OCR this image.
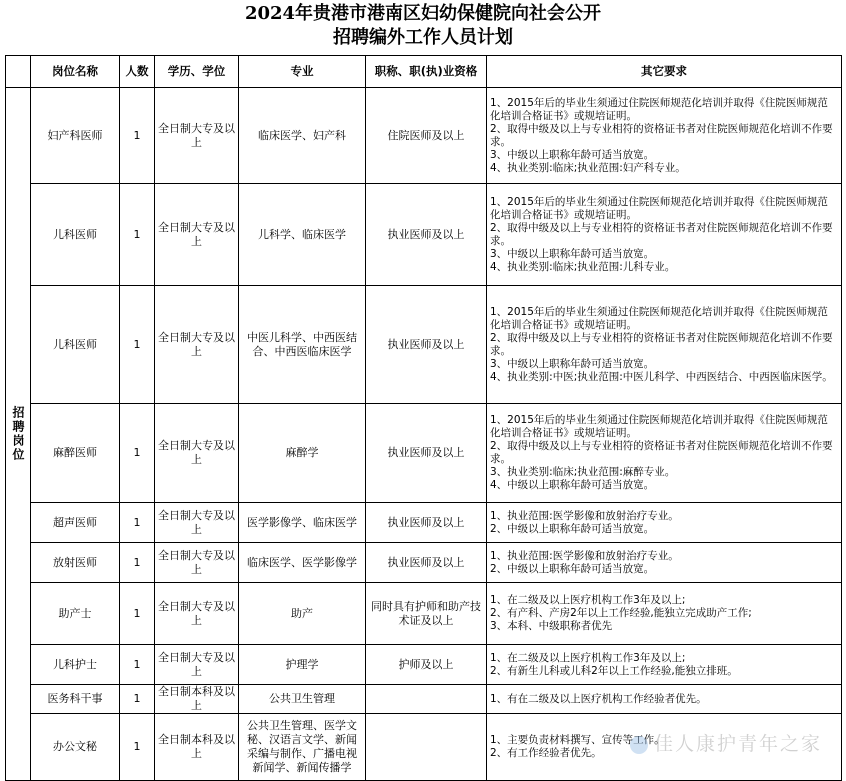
2024年贵港市港南区妇幼保健院向社会公开
招聘编外工作人员计划
	岗位名称	人数	学历、学位	专业	职称、职(执)业资格	其它要求

招聘岗位	妇产科医师	1	全日制大专及以上	临床医学、妇产科	住院医师及以上	1、2015年后的毕业生须通过住院医师规范化培训并取得《住院医师规范化培训合格证书》或规培证明。
2、取得中级及以上与专业相符的资格证书者对住院医师规范化培训不作要求。
3、中级以上职称年龄可适当放宽。
4、执业类别:临床;执业范围:妇产科专业。

	儿科医师	1	全日制大专及以上	儿科学、临床医学	执业医师及以上	1、2015年后的毕业生须通过住院医师规范化培训并取得《住院医师规范化培训合格证书》或规培证明。
2、取得中级及以上与专业相符的资格证书者对住院医师规范化培训不作要求。
3、中级以上职称年龄可适当放宽。
4、执业类别:临床;执业范围:儿科专业。

	儿科医师	1	全日制大专及以上	中医儿科学、中西医结合、中西医临床医学	执业医师及以上	1、2015年后的毕业生须通过住院医师规范化培训并取得《住院医师规范化培训合格证书》或规培证明。
2、取得中级及以上与专业相符的资格证书者对住院医师规范化培训不作要求。
3、中级以上职称年龄可适当放宽。
4、执业类别:中医;执业范围:中医儿科学、中西医结合、中西医临床医学。

	麻醉医师	1	全日制大专及以上	麻醉学	执业医师及以上	1、2015年后的毕业生须通过住院医师规范化培训并取得《住院医师规范化培训合格证书》或规培证明。
2、取得中级及以上与专业相符的资格证书者对住院医师规范化培训不作要求。
3、执业类别:临床;执业范围:麻醉专业。
4、中级以上职称年龄可适当放宽。

	超声医师	1	全日制大专及以上	医学影像学、临床医学	执业医师及以上	1、执业范围:医学影像和放射治疗专业。
2、中级以上职称年龄可适当放宽。

	放射医师	1	全日制大专及以上	临床医学、医学影像学	执业医师及以上	1、执业范围:医学影像和放射治疗专业。
2、中级以上职称年龄可适当放宽。

	助产士	1	全日制大专及以上	助产	同时具有护师和助产技术证及以上	1、在二级及以上医疗机构工作3年及以上;
2、有产科、产房2年以上工作经验,能独立完成助产工作;
3、本科、中级职称者优先

	儿科护士	1	全日制大专及以上	护理学	护师及以上	1、在二级及以上医疗机构工作3年及以上;
2、有新生儿科或儿科2年以上工作经验,能独立排班。

	医务科干事	1	全日制本科及以上	公共卫生管理		1、有在二级及以上医疗机构工作经验者优先。

	办公文秘	1	全日制本科及以上	公共卫生管理、医学文秘、汉语言文学、新闻采编与制作、广播电视新闻学、新闻传播学		1、主要负责材料撰写、宣传等工作。
2、有工作经验者优先。	佳人康护青年之家
